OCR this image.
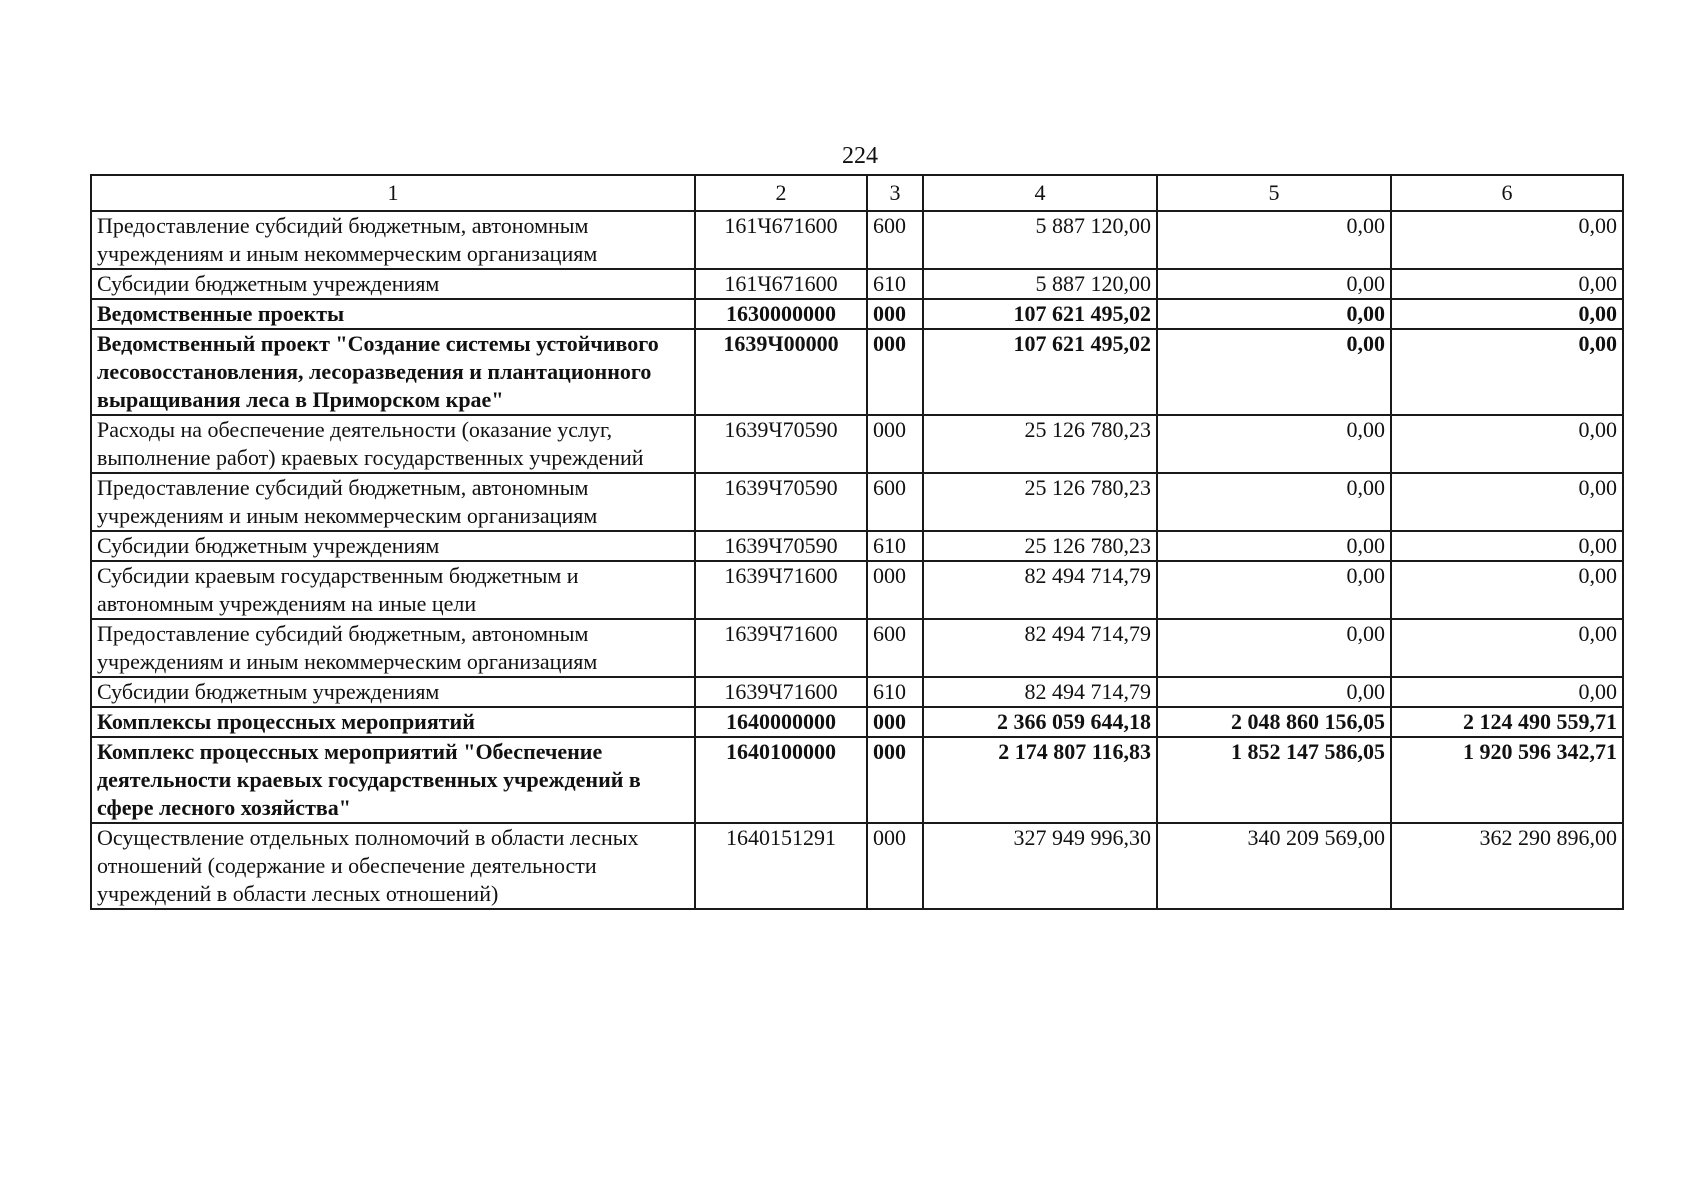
224
1	2	3	4	5	6
Предоставление субсидий бюджетным, автономным учреждениям и иным некоммерческим организациям	161Ч671600	600	5 887 120,00	0,00	0,00
Субсидии бюджетным учреждениям	161Ч671600	610	5 887 120,00	0,00	0,00
Ведомственные проекты	1630000000	000	107 621 495,02	0,00	0,00
Ведомственный проект "Создание системы устойчивого лесовосстановления, лесоразведения и плантационного выращивания леса в Приморском крае"	1639Ч00000	000	107 621 495,02	0,00	0,00
Расходы на обеспечение деятельности (оказание услуг, выполнение работ) краевых государственных учреждений	1639Ч70590	000	25 126 780,23	0,00	0,00
Предоставление субсидий бюджетным, автономным учреждениям и иным некоммерческим организациям	1639Ч70590	600	25 126 780,23	0,00	0,00
Субсидии бюджетным учреждениям	1639Ч70590	610	25 126 780,23	0,00	0,00
Субсидии краевым государственным бюджетным и автономным учреждениям на иные цели	1639Ч71600	000	82 494 714,79	0,00	0,00
Предоставление субсидий бюджетным, автономным учреждениям и иным некоммерческим организациям	1639Ч71600	600	82 494 714,79	0,00	0,00
Субсидии бюджетным учреждениям	1639Ч71600	610	82 494 714,79	0,00	0,00
Комплексы процессных мероприятий	1640000000	000	2 366 059 644,18	2 048 860 156,05	2 124 490 559,71
Комплекс процессных мероприятий "Обеспечение деятельности краевых государственных учреждений в сфере лесного хозяйства"	1640100000	000	2 174 807 116,83	1 852 147 586,05	1 920 596 342,71
Осуществление отдельных полномочий в области лесных отношений (содержание и обеспечение деятельности учреждений в области лесных отношений)	1640151291	000	327 949 996,30	340 209 569,00	362 290 896,00
